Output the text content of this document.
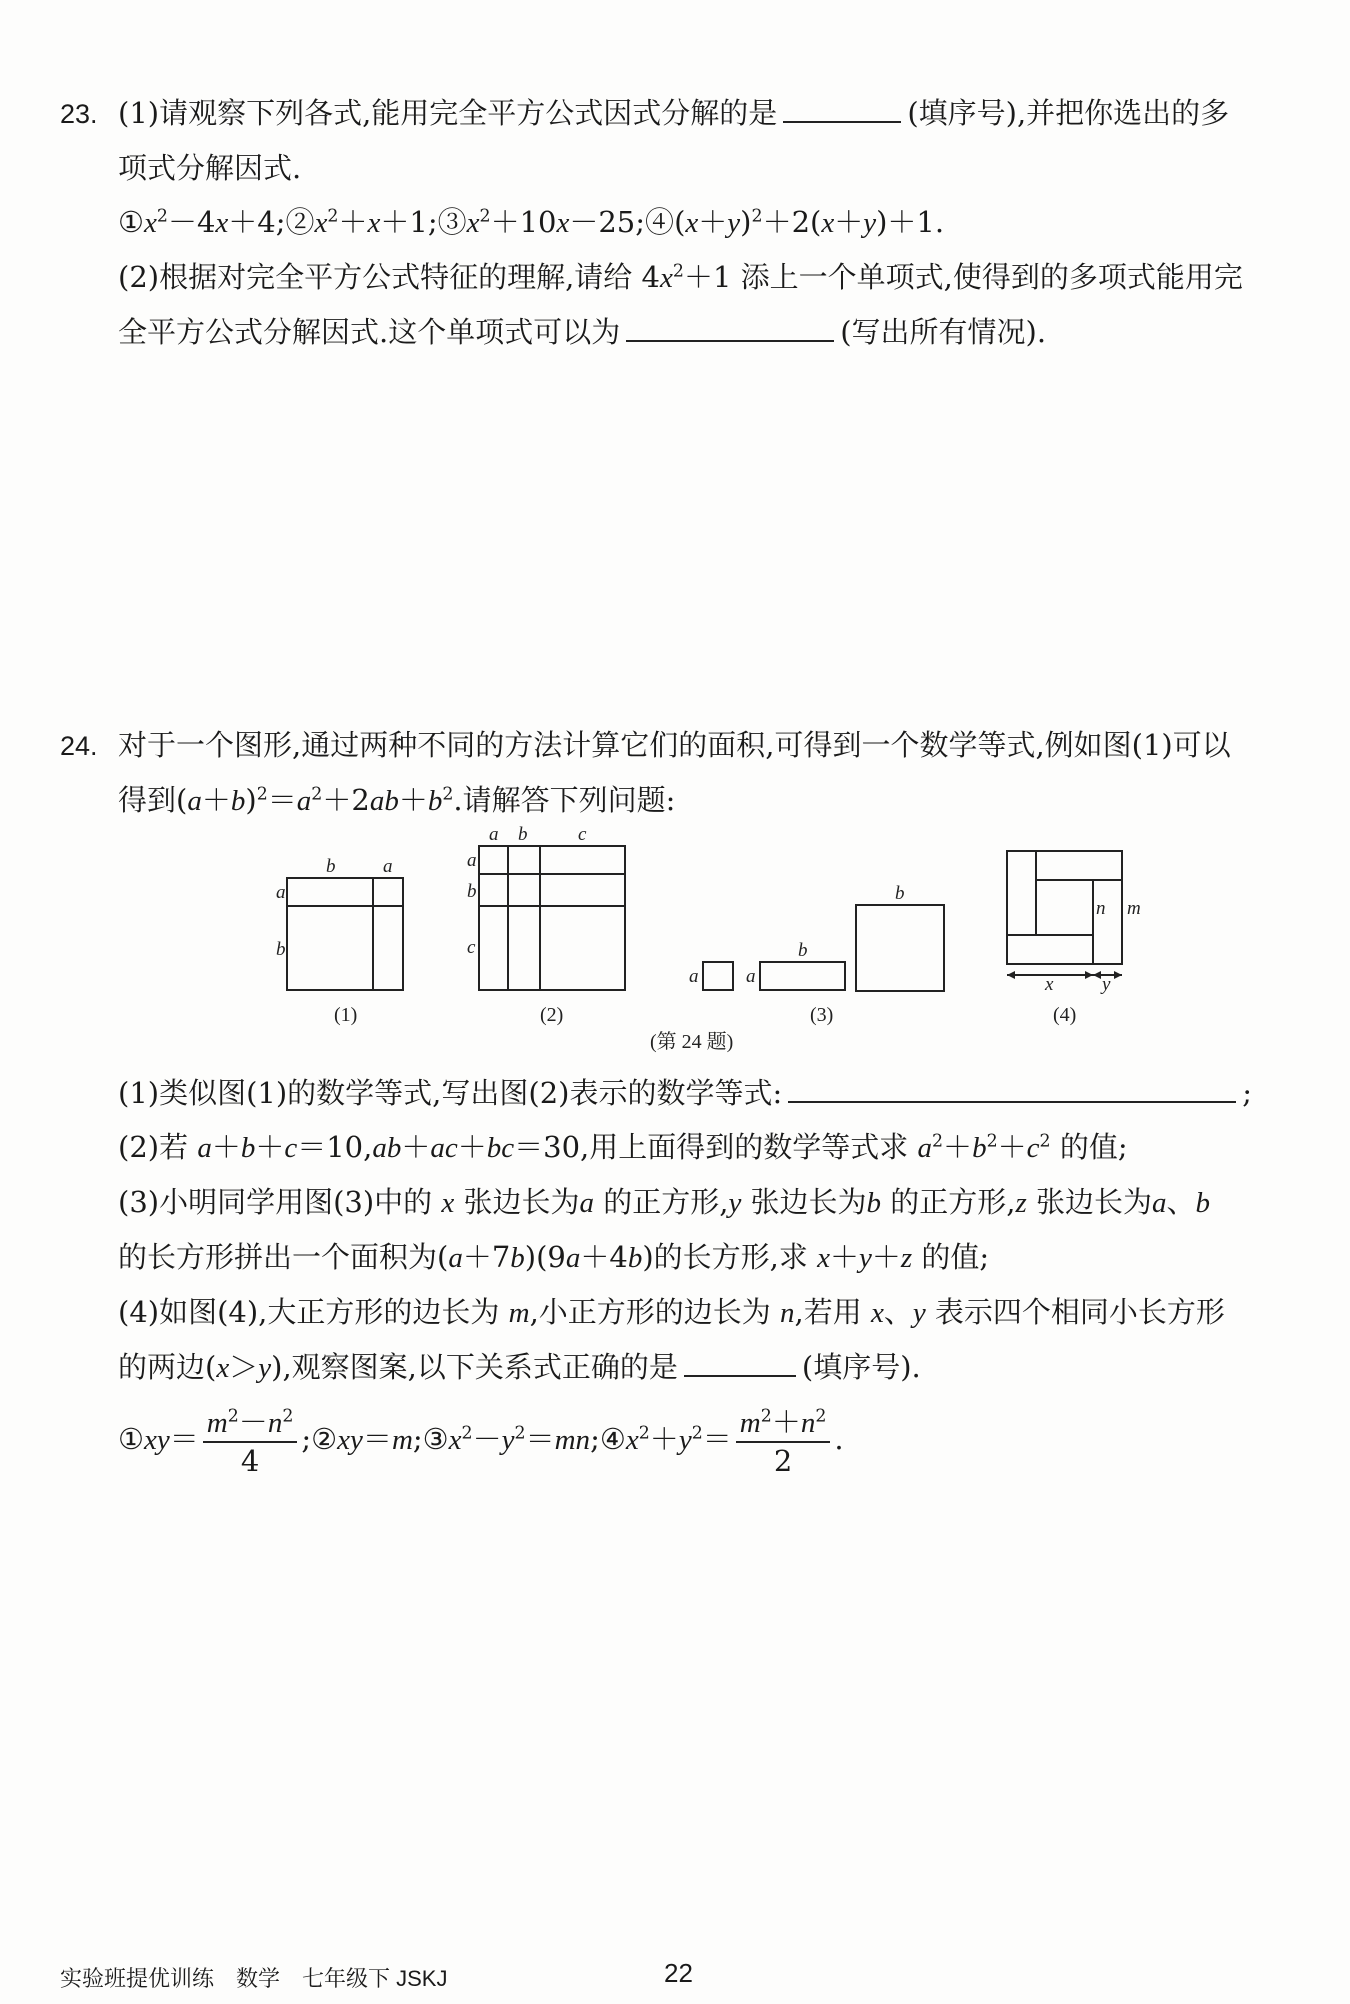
23. (1)请观察下列各式,能用完全平方公式因式分解的是	(填序号),并把你选出的多
项式分解因式.
$①x^2-4x+4;②x^2+x+1;③x^2+10x-25;④(x+y)^2+2(x+y)+1$.
(2)根据对完全平方公式特征的理解,请给 $4x^2+1$ 添上一个单项式,使得到的多项式能用完
全平方公式分解因式.这个单项式可以为	(写出所有情况).
24. 对于一个图形,通过两种不同的方法计算它们的面积,可得到一个数学等式,例如图(1)可以
得到$(a+b)^2=a^2+2ab+b^2$.请解答下列问题:
b	a
a
b
a b	c
a
b
c
a	a
b
b
n m
x	y
(1)	(2)	(3)	(4)
(第 24 题)
(1)类似图(1)的数学等式,写出图(2)表示的数学等式:	;
(2)若 a＋b＋c＝10,ab＋ac＋bc＝30,用上面得到的数学等式求 $a^2+b^2+c^2$ 的值;
(3)小明同学用图(3)中的 x 张边长为a 的正方形,y 张边长为b 的正方形,z 张边长为a、b
的长方形拼出一个面积为(a＋7b)(9a＋4b)的长方形,求 x＋y＋z 的值;
(4)如图(4),大正方形的边长为 m,小正方形的边长为 n,若用 x、y 表示四个相同小长方形
的两边(x＞y),观察图案,以下关系式正确的是	(填序号).
①xy＝ $\frac{m^2-n^2}{4}$ $;②xy=m;③x^2-y^2=mn;④x^2+y^2= \frac{m^2+n^2}{2}$ .
实验班提优训练　数学　七年级下 JSKJ	22
